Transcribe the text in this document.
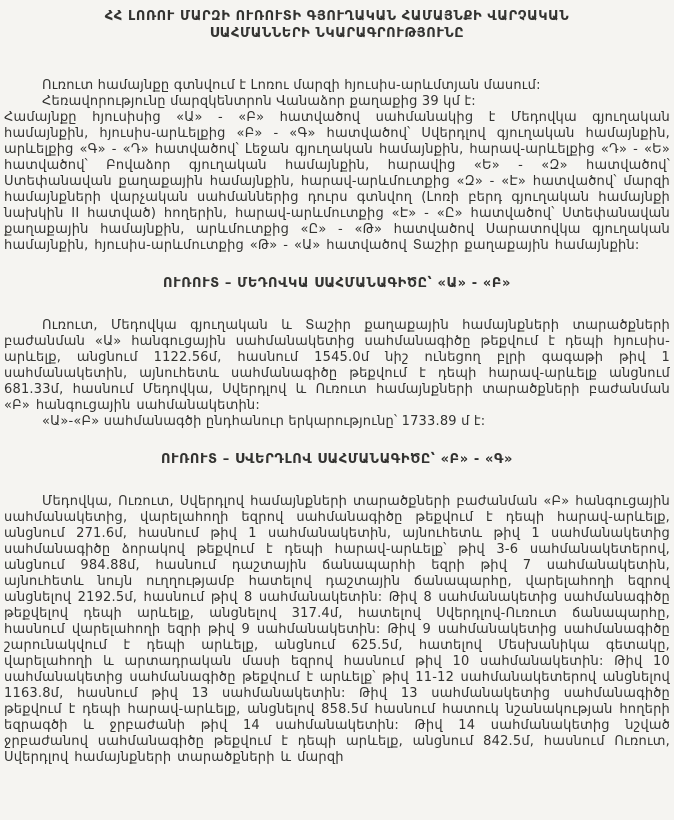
ՀՀ ԼՈՌՈՒ ՄԱՐԶԻ ՈՒՌՈՒՏԻ ԳՅՈՒՂԱԿԱՆ ՀԱՄԱՅՆՔԻ ՎԱՐՉԱԿԱՆ
ՍԱՀՄԱՆՆԵՐԻ ՆԿԱՐԱԳՐՈՒԹՅՈՒՆԸ

Ուռուտ համայնքը գտնվում է Լոռու մարզի հյուսիս-արևմտյան մասում:

Հեռավորությունը մարզկենտրոն Վանաձոր քաղաքից 39 կմ է:

Համայնքը հյուսիսից «Ա» - «Բ» հատվածով սահմանակից է Մեդովկա գյուղական համայնքին, հյուսիս-արևելքից «Բ» - «Գ» հատվածով՝ Սվերդլով գյուղական համայնքին, արևելքից «Գ» - «Դ» հատվածով՝ Լեջան գյուղական համայնքին, հարավ-արևելքից «Դ» - «Ե» հատվածով՝ Բովաձոր գյուղական համայնքին, հարավից «Ե» - «Զ» հատվածով՝ Ստեփանավան քաղաքային համայնքին, հարավ-արևմուտքից «Զ» - «Է» հատվածով՝ մարզի համայնքների վարչական սահմաններից դուրս գտնվող (Լոռի բերդ գյուղական համայնքի նախկին II հատված) հողերին, հարավ-արևմուտքից «Է» - «Ը» հատվածով՝ Ստեփանավան քաղաքային համայնքին, արևմուտքից «Ը» - «Թ» հատվածով Սարատովկա գյուղական համայնքին, հյուսիս-արևմուտքից «Թ» - «Ա» հատվածով Տաշիր քաղաքային համայնքին:

ՈՒՌՈՒՏ – ՄԵԴՈՎԿԱ ՍԱՀՄԱՆԱԳԻԾԸ՝ «Ա» - «Բ»

Ուռուտ, Մեդովկա գյուղական և Տաշիր քաղաքային համայնքների տարածքների բաժանման «Ա» հանգուցային սահմանակետից սահմանագիծը թեքվում է դեպի հյուսիս-արևելք, անցնում 1122.56մ, հասնում 1545.0մ նիշ ունեցող բլրի գագաթի թիվ 1 սահմանակետին, այնուհետև սահմանագիծը թեքվում է դեպի հարավ-արևելք անցնում 681.33մ, հասնում Մեդովկա, Սվերդլով և Ուռուտ համայնքների տարածքների բաժանման «Բ» հանգուցային սահմանակետին:

«Ա»-«Բ» սահմանագծի ընդհանուր երկարությունը՝ 1733.89 մ է:

ՈՒՌՈՒՏ – ՍՎԵՐԴԼՈՎ ՍԱՀՄԱՆԱԳԻԾԸ՝ «Բ» - «Գ»

Մեդովկա, Ուռուտ, Սվերդլով համայնքների տարածքների բաժանման «Բ» հանգուցային սահմանակետից, վարելահողի եզրով սահմանագիծը թեքվում է դեպի հարավ-արևելք, անցնում 271.6մ, հասնում թիվ 1 սահմանակետին, այնուհետև թիվ 1 սահմանակետից սահմանագիծը ձորակով թեքվում է դեպի հարավ-արևելք՝ թիվ 3-6 սահմանակետերով, անցնում 984.88մ, հասնում դաշտային ճանապարհի եզրի թիվ 7 սահմանակետին, այնուհետև նույն ուղղությամբ հատելով դաշտային ճանապարհը, վարելահողի եզրով անցնելով 2192.5մ, հասնում թիվ 8 սահմանակետին: Թիվ 8 սահմանակետից սահմանագիծը թեքվելով դեպի արևելք, անցնելով 317.4մ, հատելով Սվերդլով-Ուռուտ ճանապարհը, հասնում վարելահողի եզրի թիվ 9 սահմանակետին: Թիվ 9 սահմանակետից սահմանագիծը շարունակվում է դեպի արևելք, անցնում 625.5մ, հատելով Մեսխանիկա գետակը, վարելահողի և արտադրական մասի եզրով հասնում թիվ 10 սահմանակետին: Թիվ 10 սահմանակետից սահմանագիծը թեքվում է արևելք՝ թիվ 11-12 սահմանակետերով անցնելով 1163.8մ, հասնում թիվ 13 սահմանակետին: Թիվ 13 սահմանակետից սահմանագիծը թեքվում է դեպի հարավ-արևելք, անցնելով 858.5մ հասնում հատուկ նշանակության հողերի եզրագծի և ջրբաժանի թիվ 14 սահմանակետին: Թիվ 14 սահմանակետից նշված ջրբաժանով սահմանագիծը թեքվում է դեպի արևելք, անցնում 842.5մ, հասնում Ուռուտ, Սվերդլով համայնքների տարածքների և մարզի
